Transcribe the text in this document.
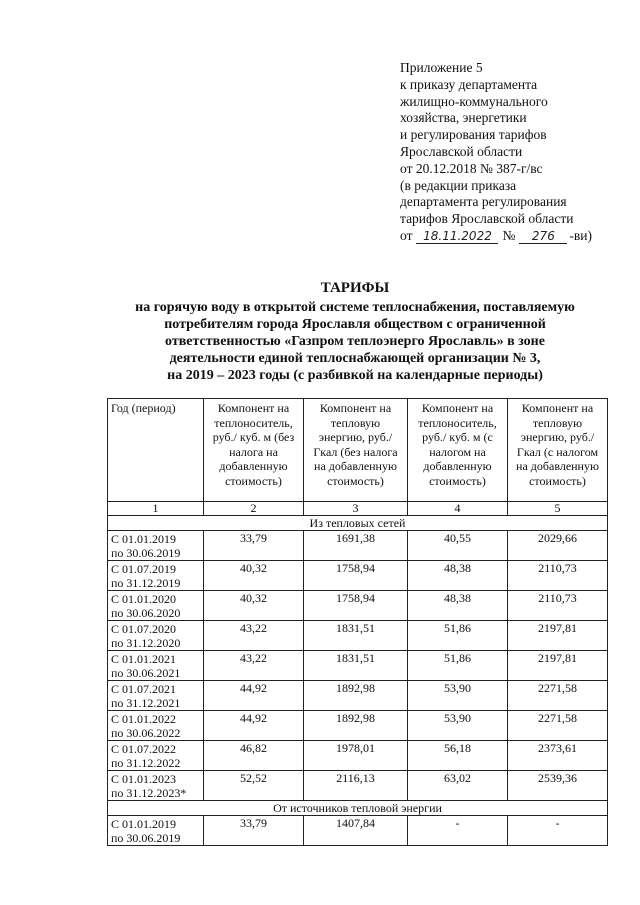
Приложение 5
к приказу департамента
жилищно-коммунального
хозяйства, энергетики
и регулирования тарифов
Ярославской области
от 20.12.2018 № 387-г/вс
(в редакции приказа
департамента регулирования
тарифов Ярославской области
от 18.11.2022 №	276	-ви)
ТАРИФЫ
на горячую воду в открытой системе теплоснабжения, поставляемую
потребителям города Ярославля обществом с ограниченной
ответственностью «Газпром теплоэнерго Ярославль» в зоне
деятельности единой теплоснабжающей организации № 3,
на 2019 – 2023 годы (с разбивкой на календарные периоды)
Год (период)	Компонент на теплоноситель, руб./ куб. м (без налога на добавленную стоимость)	Компонент на тепловую энергию, руб./Гкал (без налога на добавленную стоимость)	Компонент на теплоноситель, руб./ куб. м (с налогом на добавленную стоимость)	Компонент на тепловую энергию, руб./Гкал (с налогом на добавленную стоимость)
1	2	3	4	5
Из тепловых сетей				

С 01.01.2019
по 30.06.2019	33,79	1691,38	40,55	2029,66

С 01.07.2019
по 31.12.2019	40,32	1758,94	48,38	2110,73

С 01.01.2020
по 30.06.2020	40,32	1758,94	48,38	2110,73

С 01.07.2020
по 31.12.2020	43,22	1831,51	51,86	2197,81

С 01.01.2021
по 30.06.2021	43,22	1831,51	51,86	2197,81

С 01.07.2021
по 31.12.2021	44,92	1892,98	53,90	2271,58

С 01.01.2022
по 30.06.2022	44,92	1892,98	53,90	2271,58

С 01.07.2022
по 31.12.2022	46,82	1978,01	56,18	2373,61

С 01.01.2023
по 31.12.2023*	52,52	2116,13	63,02	2539,36
От источников тепловой энергии				

С 01.01.2019
по 30.06.2019	33,79	1407,84	-	-
